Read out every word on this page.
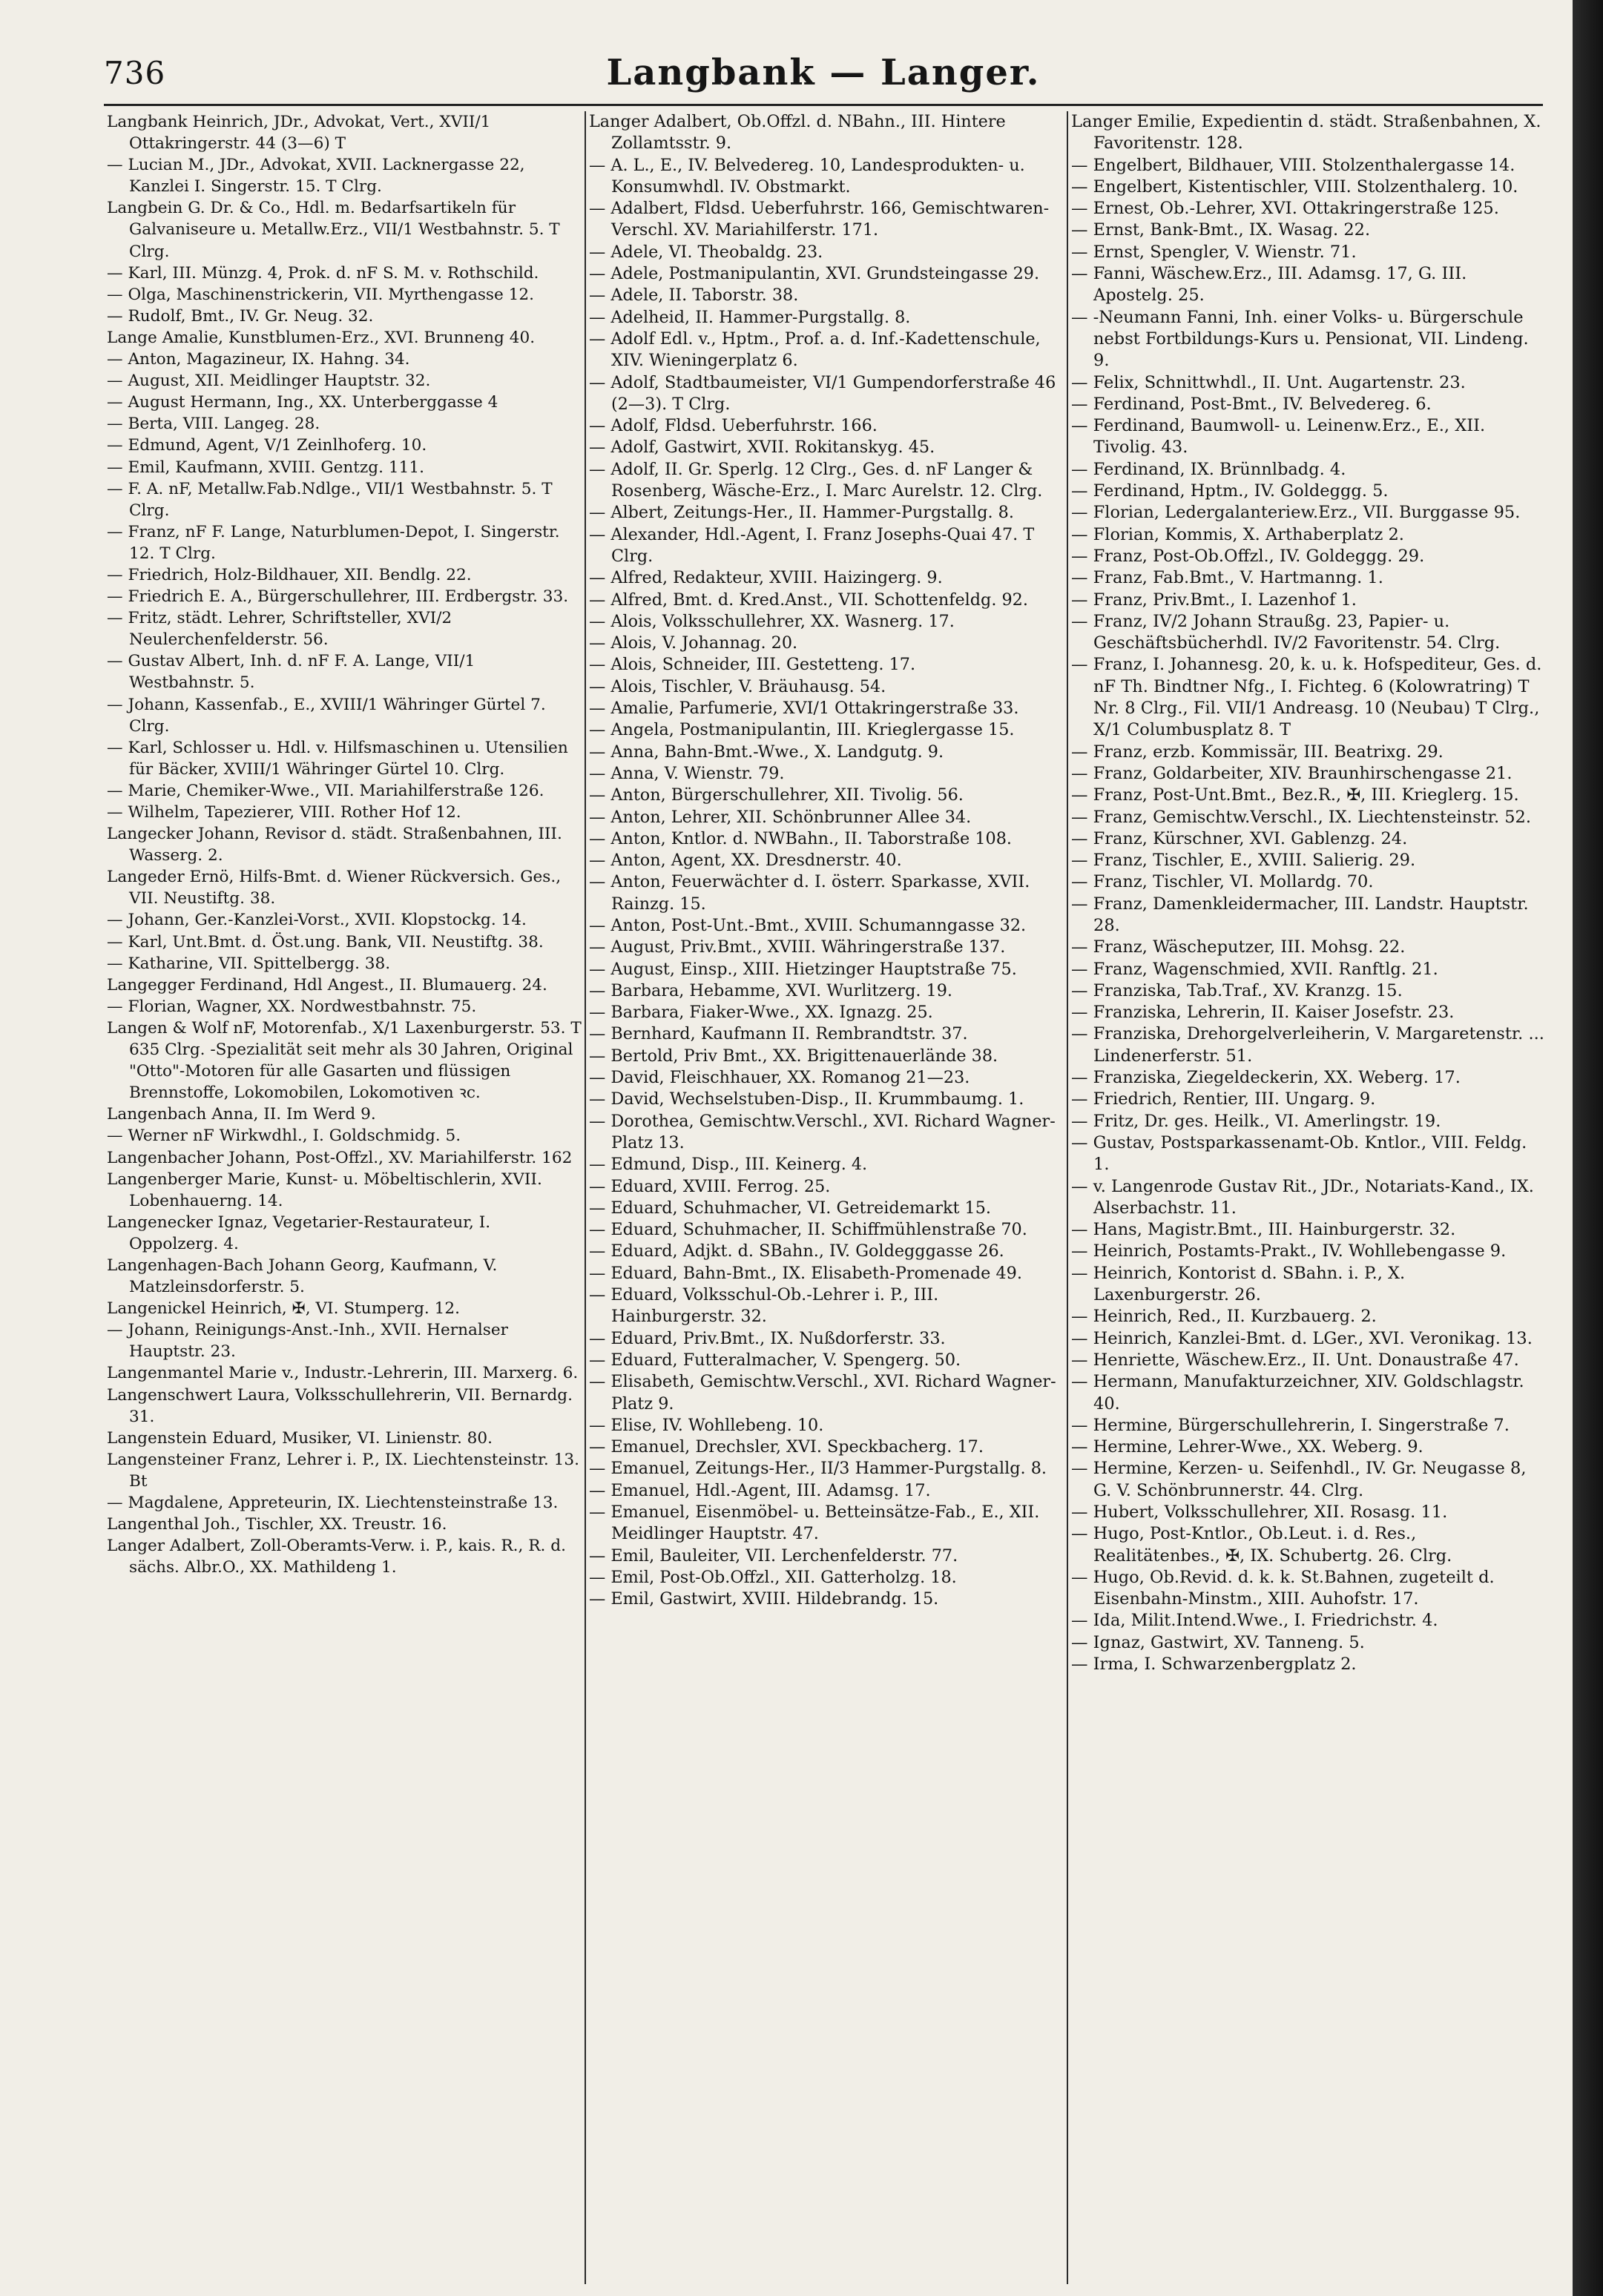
736	Langbank — Langer.

Langbank Heinrich, JDr., Advokat, Vert., XVII/1 Ottakringerstr. 44 (3—6) T

— Lucian M., JDr., Advokat, XVII. Lacknergasse 22, Kanzlei I. Singerstr. 15. T Clrg.

Langbein G. Dr. & Co., Hdl. m. Bedarfsartikeln für Galvaniseure u. Metallw.Erz., VII/1 Westbahnstr. 5. T Clrg.

— Karl, III. Münzg. 4, Prok. d. nF S. M. v. Rothschild.

— Olga, Maschinenstrickerin, VII. Myrthengasse 12.

— Rudolf, Bmt., IV. Gr. Neug. 32.

Lange Amalie, Kunstblumen-Erz., XVI. Brunneng 40.

— Anton, Magazineur, IX. Hahng. 34.

— August, XII. Meidlinger Hauptstr. 32.

— August Hermann, Ing., XX. Unterberggasse 4

— Berta, VIII. Langeg. 28.

— Edmund, Agent, V/1 Zeinlhoferg. 10.

— Emil, Kaufmann, XVIII. Gentzg. 111.

— F. A. nF, Metallw.Fab.Ndlge., VII/1 Westbahnstr. 5. T Clrg.

— Franz, nF F. Lange, Naturblumen-Depot, I. Singerstr. 12. T Clrg.

— Friedrich, Holz-Bildhauer, XII. Bendlg. 22.

— Friedrich E. A., Bürgerschullehrer, III. Erdbergstr. 33.

— Fritz, städt. Lehrer, Schriftsteller, XVI/2 Neulerchenfelderstr. 56.

— Gustav Albert, Inh. d. nF F. A. Lange, VII/1 Westbahnstr. 5.

— Johann, Kassenfab., E., XVIII/1 Währinger Gürtel 7. Clrg.

— Karl, Schlosser u. Hdl. v. Hilfsmaschinen u. Utensilien für Bäcker, XVIII/1 Währinger Gürtel 10. Clrg.

— Marie, Chemiker-Wwe., VII. Mariahilferstraße 126.

— Wilhelm, Tapezierer, VIII. Rother Hof 12.

Langecker Johann, Revisor d. städt. Straßenbahnen, III. Wasserg. 2.

Langeder Ernö, Hilfs-Bmt. d. Wiener Rückversich. Ges., VII. Neustiftg. 38.

— Johann, Ger.-Kanzlei-Vorst., XVII. Klopstockg. 14.

— Karl, Unt.Bmt. d. Öst.ung. Bank, VII. Neustiftg. 38.

— Katharine, VII. Spittelbergg. 38.

Langegger Ferdinand, Hdl Angest., II. Blumauerg. 24.

— Florian, Wagner, XX. Nordwestbahnstr. 75.

Langen & Wolf nF, Motorenfab., X/1 Laxenburgerstr. 53. T 635 Clrg. -Spezialität seit mehr als 30 Jahren, Original "Otto"-Motoren für alle Gasarten und flüssigen Brennstoffe, Lokomobilen, Lokomotiven ꝛc.

Langenbach Anna, II. Im Werd 9.

— Werner nF Wirkwdhl., I. Goldschmidg. 5.

Langenbacher Johann, Post-Offzl., XV. Mariahilferstr. 162

Langenberger Marie, Kunst- u. Möbeltischlerin, XVII. Lobenhauerng. 14.

Langenecker Ignaz, Vegetarier-Restaurateur, I. Oppolzerg. 4.

Langenhagen-Bach Johann Georg, Kaufmann, V. Matzleinsdorferstr. 5.

Langenickel Heinrich, ✠, VI. Stumperg. 12.

— Johann, Reinigungs-Anst.-Inh., XVII. Hernalser Hauptstr. 23.

Langenmantel Marie v., Industr.-Lehrerin, III. Marxerg. 6.

Langenschwert Laura, Volksschullehrerin, VII. Bernardg. 31.

Langenstein Eduard, Musiker, VI. Linienstr. 80.

Langensteiner Franz, Lehrer i. P., IX. Liechtensteinstr. 13. Bt

— Magdalene, Appreteurin, IX. Liechtensteinstraße 13.

Langenthal Joh., Tischler, XX. Treustr. 16.

Langer Adalbert, Zoll-Oberamts-Verw. i. P., kais. R., R. d. sächs. Albr.O., XX. Mathildeng 1.

Langer Adalbert, Ob.Offzl. d. NBahn., III. Hintere Zollamtsstr. 9.

— A. L., E., IV. Belvedereg. 10, Landesprodukten- u. Konsumwhdl. IV. Obstmarkt.

— Adalbert, Fldsd. Ueberfuhrstr. 166, Gemischtwaren-Verschl. XV. Mariahilferstr. 171.

— Adele, VI. Theobaldg. 23.

— Adele, Postmanipulantin, XVI. Grundsteingasse 29.

— Adele, II. Taborstr. 38.

— Adelheid, II. Hammer-Purgstallg. 8.

— Adolf Edl. v., Hptm., Prof. a. d. Inf.-Kadettenschule, XIV. Wieningerplatz 6.

— Adolf, Stadtbaumeister, VI/1 Gumpendorferstraße 46 (2—3). T Clrg.

— Adolf, Fldsd. Ueberfuhrstr. 166.

— Adolf, Gastwirt, XVII. Rokitanskyg. 45.

— Adolf, II. Gr. Sperlg. 12 Clrg., Ges. d. nF Langer & Rosenberg, Wäsche-Erz., I. Marc Aurelstr. 12. Clrg.

— Albert, Zeitungs-Her., II. Hammer-Purgstallg. 8.

— Alexander, Hdl.-Agent, I. Franz Josephs-Quai 47. T Clrg.

— Alfred, Redakteur, XVIII. Haizingerg. 9.

— Alfred, Bmt. d. Kred.Anst., VII. Schottenfeldg. 92.

— Alois, Volksschullehrer, XX. Wasnerg. 17.

— Alois, V. Johannag. 20.

— Alois, Schneider, III. Gestetteng. 17.

— Alois, Tischler, V. Bräuhausg. 54.

— Amalie, Parfumerie, XVI/1 Ottakringerstraße 33.

— Angela, Postmanipulantin, III. Krieglergasse 15.

— Anna, Bahn-Bmt.-Wwe., X. Landgutg. 9.

— Anna, V. Wienstr. 79.

— Anton, Bürgerschullehrer, XII. Tivolig. 56.

— Anton, Lehrer, XII. Schönbrunner Allee 34.

— Anton, Kntlor. d. NWBahn., II. Taborstraße 108.

— Anton, Agent, XX. Dresdnerstr. 40.

— Anton, Feuerwächter d. I. österr. Sparkasse, XVII. Rainzg. 15.

— Anton, Post-Unt.-Bmt., XVIII. Schumanngasse 32.

— August, Priv.Bmt., XVIII. Währingerstraße 137.

— August, Einsp., XIII. Hietzinger Hauptstraße 75.

— Barbara, Hebamme, XVI. Wurlitzerg. 19.

— Barbara, Fiaker-Wwe., XX. Ignazg. 25.

— Bernhard, Kaufmann II. Rembrandtstr. 37.

— Bertold, Priv Bmt., XX. Brigittenauerlände 38.

— David, Fleischhauer, XX. Romanog 21—23.

— David, Wechselstuben-Disp., II. Krummbaumg. 1.

— Dorothea, Gemischtw.Verschl., XVI. Richard Wagner-Platz 13.

— Edmund, Disp., III. Keinerg. 4.

— Eduard, XVIII. Ferrog. 25.

— Eduard, Schuhmacher, VI. Getreidemarkt 15.

— Eduard, Schuhmacher, II. Schiffmühlenstraße 70.

— Eduard, Adjkt. d. SBahn., IV. Goldegggasse 26.

— Eduard, Bahn-Bmt., IX. Elisabeth-Promenade 49.

— Eduard, Volksschul-Ob.-Lehrer i. P., III. Hainburgerstr. 32.

— Eduard, Priv.Bmt., IX. Nußdorferstr. 33.

— Eduard, Futteralmacher, V. Spengerg. 50.

— Elisabeth, Gemischtw.Verschl., XVI. Richard Wagner-Platz 9.

— Elise, IV. Wohllebeng. 10.

— Emanuel, Drechsler, XVI. Speckbacherg. 17.

— Emanuel, Zeitungs-Her., II/3 Hammer-Purgstallg. 8.

— Emanuel, Hdl.-Agent, III. Adamsg. 17.

— Emanuel, Eisenmöbel- u. Betteinsätze-Fab., E., XII. Meidlinger Hauptstr. 47.

— Emil, Bauleiter, VII. Lerchenfelderstr. 77.

— Emil, Post-Ob.Offzl., XII. Gatterholzg. 18.

— Emil, Gastwirt, XVIII. Hildebrandg. 15.

Langer Emilie, Expedientin d. städt. Straßenbahnen, X. Favoritenstr. 128.

— Engelbert, Bildhauer, VIII. Stolzenthalergasse 14.

— Engelbert, Kistentischler, VIII. Stolzenthalerg. 10.

— Ernest, Ob.-Lehrer, XVI. Ottakringerstraße 125.

— Ernst, Bank-Bmt., IX. Wasag. 22.

— Ernst, Spengler, V. Wienstr. 71.

— Fanni, Wäschew.Erz., III. Adamsg. 17, G. III. Apostelg. 25.

— -Neumann Fanni, Inh. einer Volks- u. Bürgerschule nebst Fortbildungs-Kurs u. Pensionat, VII. Lindeng. 9.

— Felix, Schnittwhdl., II. Unt. Augartenstr. 23.

— Ferdinand, Post-Bmt., IV. Belvedereg. 6.

— Ferdinand, Baumwoll- u. Leinenw.Erz., E., XII. Tivolig. 43.

— Ferdinand, IX. Brünnlbadg. 4.

— Ferdinand, Hptm., IV. Goldeggg. 5.

— Florian, Ledergalanteriew.Erz., VII. Burggasse 95.

— Florian, Kommis, X. Arthaberplatz 2.

— Franz, Post-Ob.Offzl., IV. Goldeggg. 29.

— Franz, Fab.Bmt., V. Hartmanng. 1.

— Franz, Priv.Bmt., I. Lazenhof 1.

— Franz, IV/2 Johann Straußg. 23, Papier- u. Geschäftsbücherhdl. IV/2 Favoritenstr. 54. Clrg.

— Franz, I. Johannesg. 20, k. u. k. Hofspediteur, Ges. d. nF Th. Bindtner Nfg., I. Fichteg. 6 (Kolowratring) T Nr. 8 Clrg., Fil. VII/1 Andreasg. 10 (Neubau) T Clrg., X/1 Columbusplatz 8. T

— Franz, erzb. Kommissär, III. Beatrixg. 29.

— Franz, Goldarbeiter, XIV. Braunhirschengasse 21.

— Franz, Post-Unt.Bmt., Bez.R., ✠, III. Krieglerg. 15.

— Franz, Gemischtw.Verschl., IX. Liechtensteinstr. 52.

— Franz, Kürschner, XVI. Gablenzg. 24.

— Franz, Tischler, E., XVIII. Salierig. 29.

— Franz, Tischler, VI. Mollardg. 70.

— Franz, Damenkleidermacher, III. Landstr. Hauptstr. 28.

— Franz, Wäscheputzer, III. Mohsg. 22.

— Franz, Wagenschmied, XVII. Ranftlg. 21.

— Franziska, Tab.Traf., XV. Kranzg. 15.

— Franziska, Lehrerin, II. Kaiser Josefstr. 23.

— Franziska, Drehorgelverleiherin, V. Margaretenstr. ... Lindenerferstr. 51.

— Franziska, Ziegeldeckerin, XX. Weberg. 17.

— Friedrich, Rentier, III. Ungarg. 9.

— Fritz, Dr. ges. Heilk., VI. Amerlingstr. 19.

— Gustav, Postsparkassenamt-Ob. Kntlor., VIII. Feldg. 1.

— v. Langenrode Gustav Rit., JDr., Notariats-Kand., IX. Alserbachstr. 11.

— Hans, Magistr.Bmt., III. Hainburgerstr. 32.

— Heinrich, Postamts-Prakt., IV. Wohllebengasse 9.

— Heinrich, Kontorist d. SBahn. i. P., X. Laxenburgerstr. 26.

— Heinrich, Red., II. Kurzbauerg. 2.

— Heinrich, Kanzlei-Bmt. d. LGer., XVI. Veronikag. 13.

— Henriette, Wäschew.Erz., II. Unt. Donaustraße 47.

— Hermann, Manufakturzeichner, XIV. Goldschlagstr. 40.

— Hermine, Bürgerschullehrerin, I. Singerstraße 7.

— Hermine, Lehrer-Wwe., XX. Weberg. 9.

— Hermine, Kerzen- u. Seifenhdl., IV. Gr. Neugasse 8, G. V. Schönbrunnerstr. 44. Clrg.

— Hubert, Volksschullehrer, XII. Rosasg. 11.

— Hugo, Post-Kntlor., Ob.Leut. i. d. Res., Realitätenbes., ✠, IX. Schubertg. 26. Clrg.

— Hugo, Ob.Revid. d. k. k. St.Bahnen, zugeteilt d. Eisenbahn-Minstm., XIII. Auhofstr. 17.

— Ida, Milit.Intend.Wwe., I. Friedrichstr. 4.

— Ignaz, Gastwirt, XV. Tanneng. 5.

— Irma, I. Schwarzenbergplatz 2.
